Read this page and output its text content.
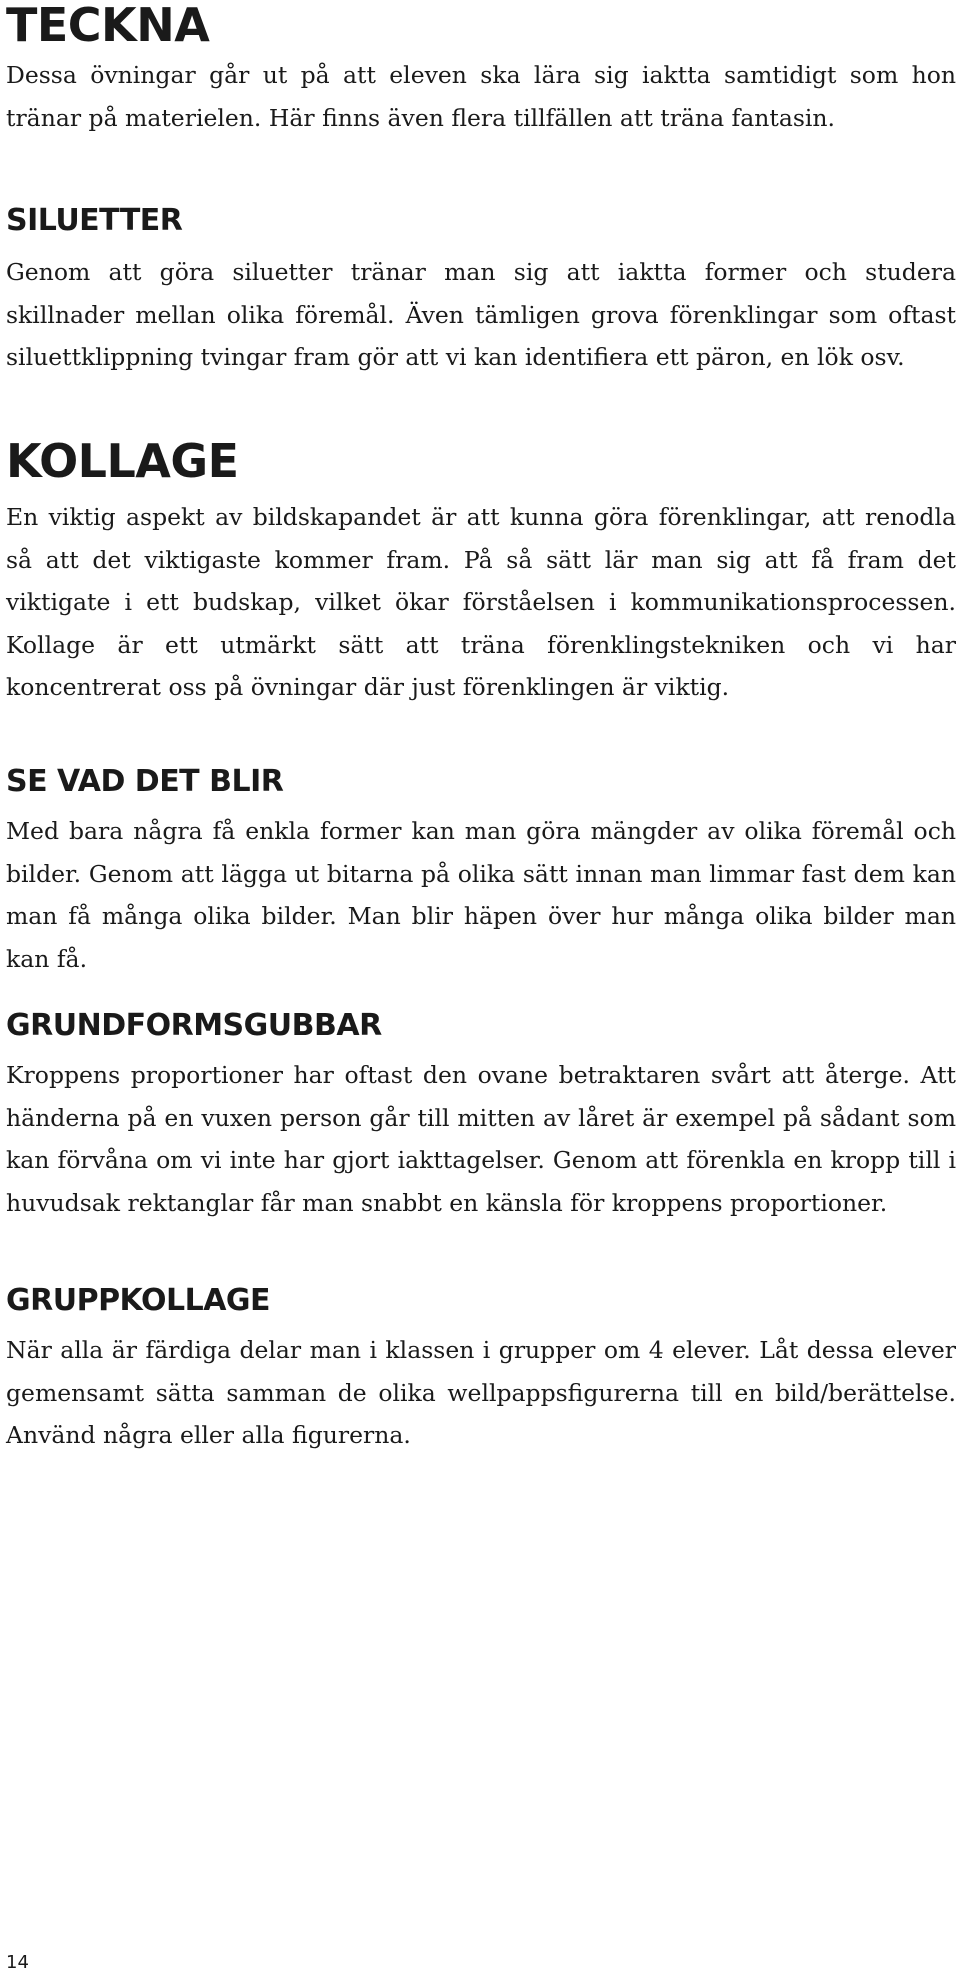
TECKNA

Dessa övningar går ut på att eleven ska lära sig iaktta samtidigt som hon tränar på materielen. Här finns även flera tillfällen att träna fantasin.

SILUETTER

Genom att göra siluetter tränar man sig att iaktta former och studera skillnader mellan olika föremål. Även tämligen grova förenklingar som oftast siluettklippning tvingar fram gör att vi kan identifiera ett päron, en lök osv.

KOLLAGE

En viktig aspekt av bildskapandet är att kunna göra förenklingar, att renodla så att det viktigaste kommer fram. På så sätt lär man sig att få fram det viktigate i ett budskap, vilket ökar förståelsen i kommunikationsprocessen. Kollage är ett utmärkt sätt att träna förenklingstekniken och vi har koncentrerat oss på övningar där just förenklingen är viktig.

SE VAD DET BLIR

Med bara några få enkla former kan man göra mängder av olika föremål och bilder. Genom att lägga ut bitarna på olika sätt innan man limmar fast dem kan man få många olika bilder. Man blir häpen över hur många olika bilder man kan få.

GRUNDFORMSGUBBAR

Kroppens proportioner har oftast den ovane betraktaren svårt att återge. Att händerna på en vuxen person går till mitten av låret är exempel på sådant som kan förvåna om vi inte har gjort iakttagelser. Genom att förenkla en kropp till i huvudsak rektanglar får man snabbt en känsla för kroppens proportioner.

GRUPPKOLLAGE

När alla är färdiga delar man i klassen i grupper om 4 elever. Låt dessa elever gemensamt sätta samman de olika wellpappsfigurerna till en bild/berättelse. Använd några eller alla figurerna.

14
